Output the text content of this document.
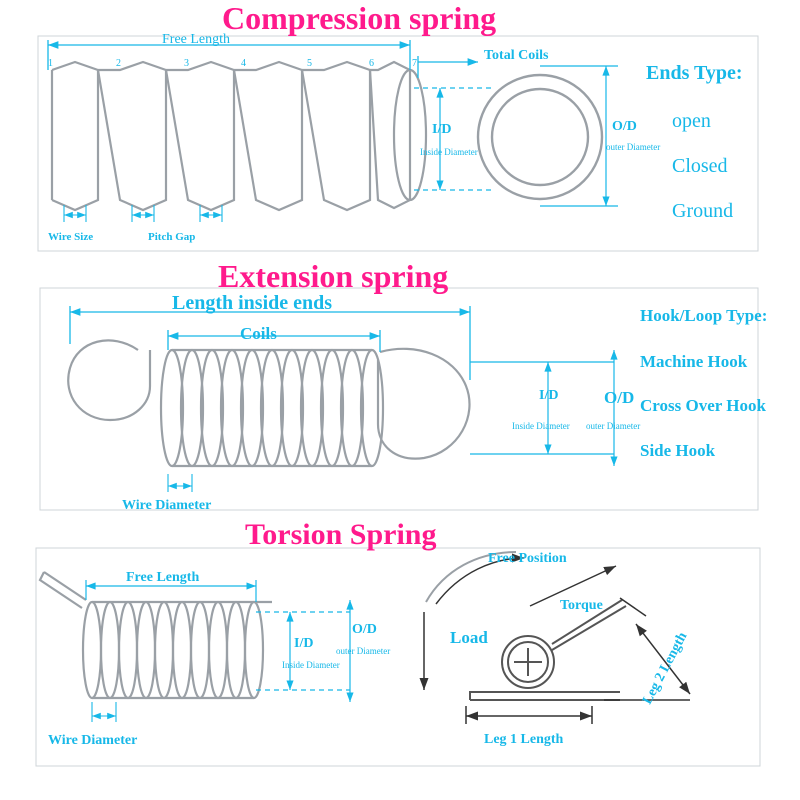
Compression spring
Extension spring
Torsion Spring
Free Length
Total Coils
I/D
Inside Diameter
O/D
outer Diameter
Wire Size	Pitch Gap
Ends Type:
open
Closed
Ground
1	2	3	4	5	6	7
Length inside ends
Coils
I/D
Inside Diameter
O/D
outer Diameter
Wire Diameter
Hook/Loop Type:
Machine Hook
Cross Over Hook
Side Hook
Free Length
I/D
Inside Diameter
O/D
outer Diameter
Wire Diameter
Free Position
Torque
Load
Leg 1 Length
Leg 2 Length
